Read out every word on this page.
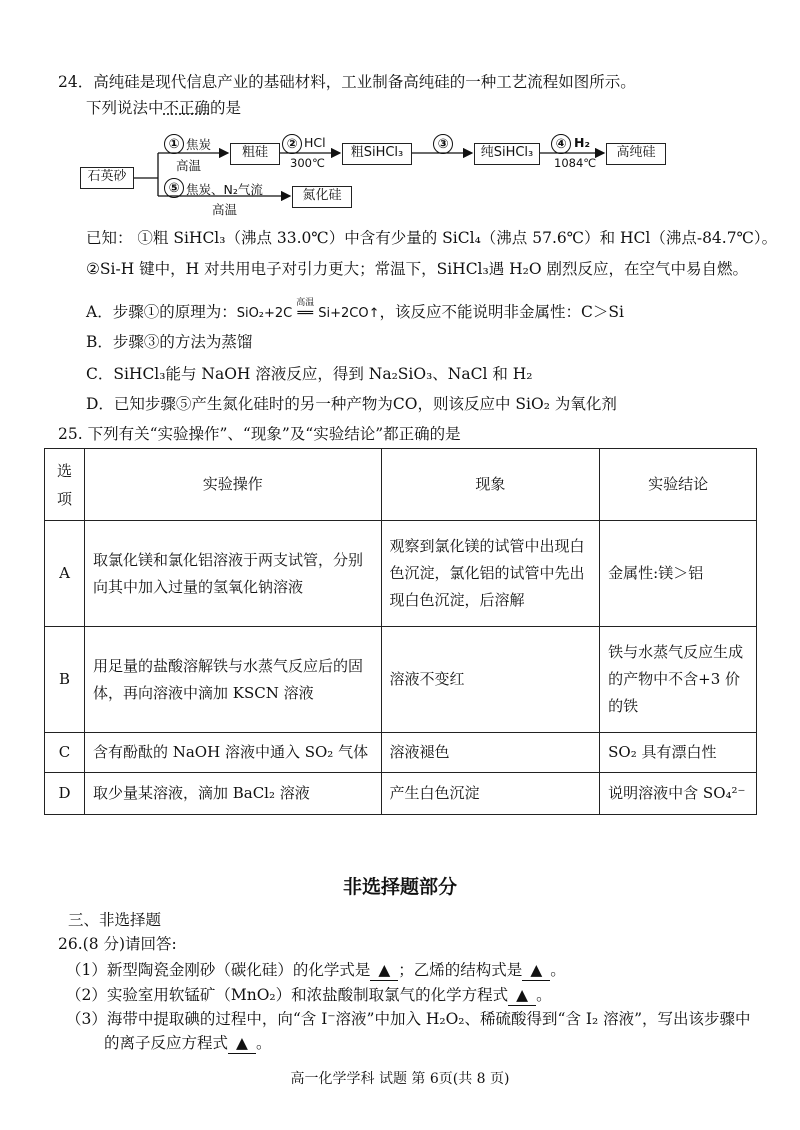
24．高纯硅是现代信息产业的基础材料，工业制备高纯硅的一种工艺流程如图所示。
下列说法中不正确的是
石英砂
① 焦炭
高温
粗硅
② HCl
300℃
粗SiHCl₃
③
纯SiHCl₃
④ H₂
1084℃
高纯硅
⑤ 焦炭、N₂气流
高温
氮化硅
已知： ①粗 SiHCl₃（沸点 33.0℃）中含有少量的 SiCl₄（沸点 57.6℃）和 HCl（沸点-84.7℃）。
②Si-H 键中，H 对共用电子对引力更大；常温下，SiHCl₃遇 H₂O 剧烈反应，在空气中易自燃。
A．步骤①的原理为：SiO₂+2C
高温
══ Si+2CO↑，该反应不能说明非金属性：C＞Si
B．步骤③的方法为蒸馏
C．SiHCl₃能与 NaOH 溶液反应，得到 Na₂SiO₃、NaCl 和 H₂
D．已知步骤⑤产生氮化硅时的另一种产物为CO，则该反应中 SiO₂ 为氧化剂
25. 下列有关“实验操作”、“现象”及“实验结论”都正确的是
选
项	实验操作	现象	实验结论
A	取氯化镁和氯化铝溶液于两支试管，分别向其中加入过量的氢氧化钠溶液	观察到氯化镁的试管中出现白色沉淀，氯化铝的试管中先出现白色沉淀，后溶解	金属性:镁＞铝
B	用足量的盐酸溶解铁与水蒸气反应后的固体，再向溶液中滴加 KSCN 溶液	溶液不变红	铁与水蒸气反应生成的产物中不含+3 价的铁
C	含有酚酞的 NaOH 溶液中通入 SO₂ 气体	溶液褪色	SO₂ 具有漂白性
D	取少量某溶液，滴加 BaCl₂ 溶液	产生白色沉淀	说明溶液中含 SO₄²⁻
非选择题部分
三、非选择题
26.(8 分)请回答:
（1）新型陶瓷金刚砂（碳化硅）的化学式是 ▲ ；乙烯的结构式是 ▲ 。
（2）实验室用软锰矿（MnO₂）和浓盐酸制取氯气的化学方程式 ▲ 。
（3）海带中提取碘的过程中，向“含 I⁻溶液”中加入 H₂O₂、稀硫酸得到“含 I₂ 溶液”，写出该步骤中
的离子反应方程式 ▲ 。
高一化学学科 试题 第 6页(共 8 页)
